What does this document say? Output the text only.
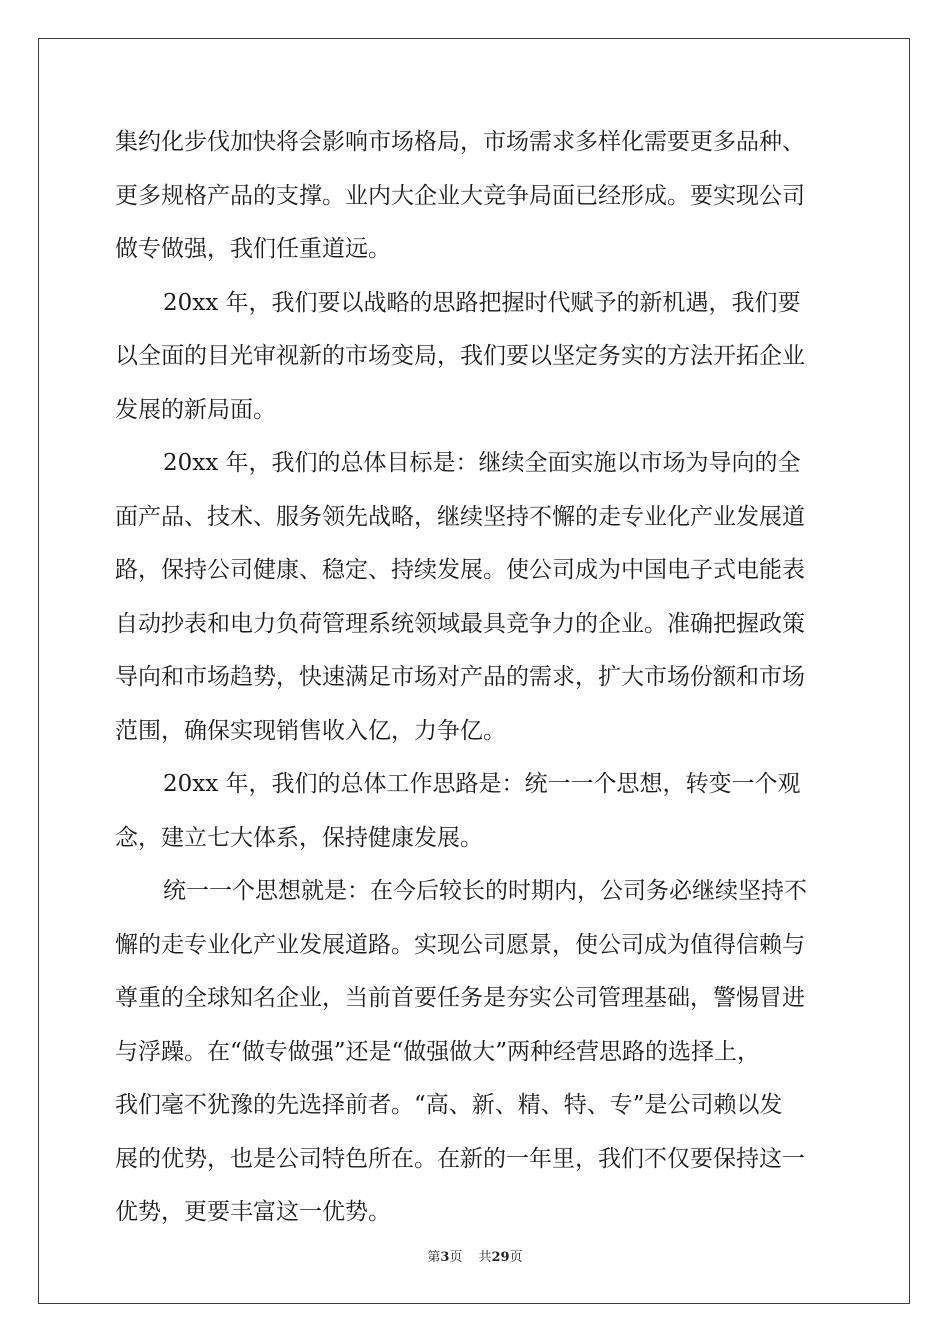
集约化步伐加快将会影响市场格局，市场需求多样化需要更多品种、
更多规格产品的支撑。业内大企业大竞争局面已经形成。要实现公司
做专做强，我们任重道远。
20xx 年，我们要以战略的思路把握时代赋予的新机遇，我们要
以全面的目光审视新的市场变局，我们要以坚定务实的方法开拓企业
发展的新局面。
20xx 年，我们的总体目标是：继续全面实施以市场为导向的全
面产品、技术、服务领先战略，继续坚持不懈的走专业化产业发展道
路，保持公司健康、稳定、持续发展。使公司成为中国电子式电能表
自动抄表和电力负荷管理系统领域最具竞争力的企业。准确把握政策
导向和市场趋势，快速满足市场对产品的需求，扩大市场份额和市场
范围，确保实现销售收入亿，力争亿。
20xx 年，我们的总体工作思路是：统一一个思想，转变一个观
念，建立七大体系，保持健康发展。
统一一个思想就是：在今后较长的时期内，公司务必继续坚持不
懈的走专业化产业发展道路。实现公司愿景，使公司成为值得信赖与
尊重的全球知名企业，当前首要任务是夯实公司管理基础，警惕冒进
与浮躁。在“做专做强”还是“做强做大”两种经营思路的选择上，
我们毫不犹豫的先选择前者。“高、新、精、特、专”是公司赖以发
展的优势，也是公司特色所在。在新的一年里，我们不仅要保持这一
优势，更要丰富这一优势。
第3页 共29页
